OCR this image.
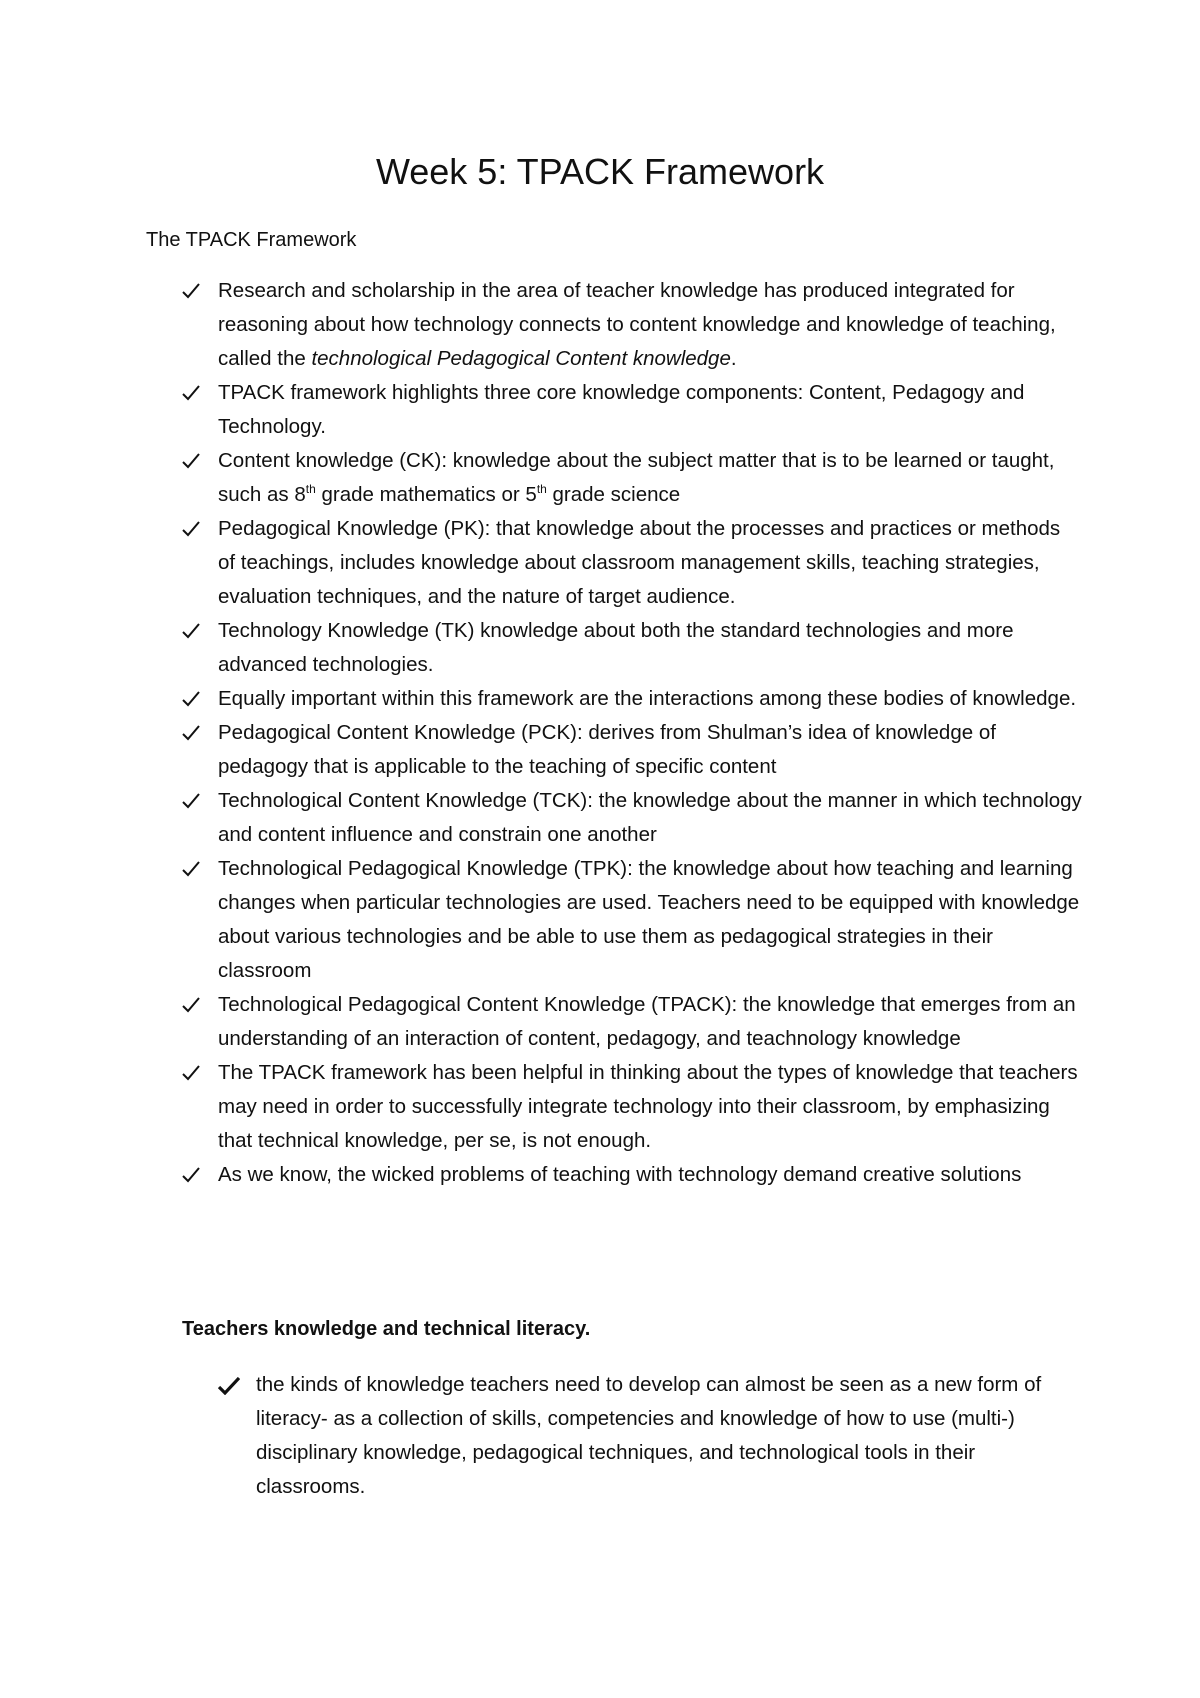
Week 5: TPACK Framework

The TPACK Framework

Research and scholarship in the area of teacher knowledge has produced integrated for reasoning about how technology connects to content knowledge and knowledge of teaching, called the technological Pedagogical Content knowledge.
TPACK framework highlights three core knowledge components: Content, Pedagogy and Technology.
Content knowledge (CK): knowledge about the subject matter that is to be learned or taught, such as 8th grade mathematics or 5th grade science
Pedagogical Knowledge (PK): that knowledge about the processes and practices or methods of teachings, includes knowledge about classroom management skills, teaching strategies, evaluation techniques, and the nature of target audience.
Technology Knowledge (TK) knowledge about both the standard technologies and more advanced technologies.
Equally important within this framework are the interactions among these bodies of knowledge.
Pedagogical Content Knowledge (PCK): derives from Shulman’s idea of knowledge of pedagogy that is applicable to the teaching of specific content
Technological Content Knowledge (TCK): the knowledge about the manner in which technology and content influence and constrain one another
Technological Pedagogical Knowledge (TPK): the knowledge about how teaching and learning changes when particular technologies are used. Teachers need to be equipped with knowledge about various technologies and be able to use them as pedagogical strategies in their classroom
Technological Pedagogical Content Knowledge (TPACK): the knowledge that emerges from an understanding of an interaction of content, pedagogy, and teachnology knowledge
The TPACK framework has been helpful in thinking about the types of knowledge that teachers may need in order to successfully integrate technology into their classroom, by emphasizing that technical knowledge, per se, is not enough.
As we know, the wicked problems of teaching with technology demand creative solutions

Teachers knowledge and technical literacy.

the kinds of knowledge teachers need to develop can almost be seen as a new form of literacy- as a collection of skills, competencies and knowledge of how to use (multi-) disciplinary knowledge, pedagogical techniques, and technological tools in their classrooms.
